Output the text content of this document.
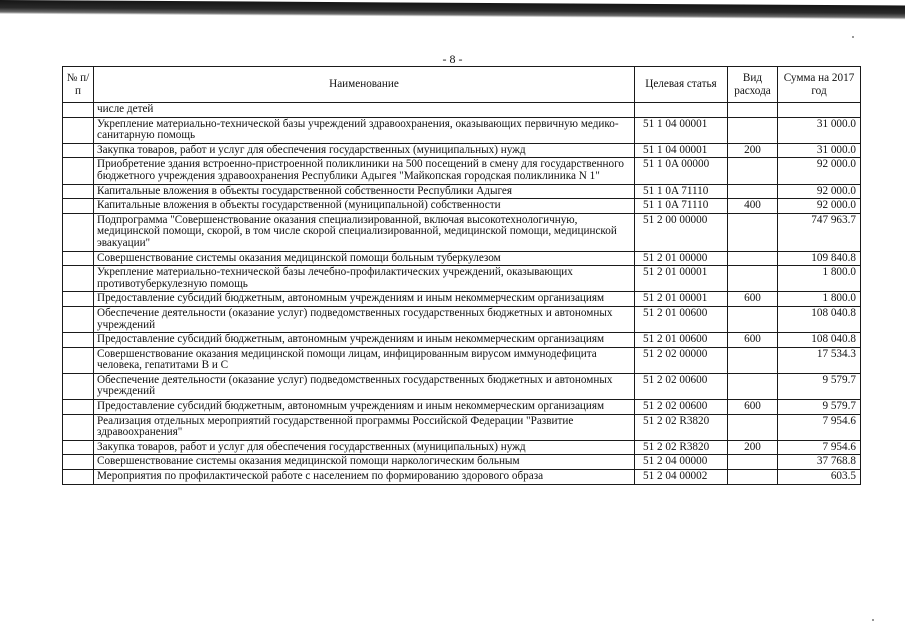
- 8 -
№ п/п	Наименование	Целевая статья	Вид расхода	Сумма на 2017 год
	числе детей			
	Укрепление материально-технической базы учреждений здравоохранения, оказывающих первичную медико-санитарную помощь	51 1 04 00001		31 000.0
	Закупка товаров, работ и услуг для обеспечения государственных (муниципальных) нужд	51 1 04 00001	200	31 000.0
	Приобретение здания встроенно-пристроенной поликлиники на 500 посещений в смену для государственного бюджетного учреждения здравоохранения Республики Адыгея "Майкопская городская поликлиника N 1"	51 1 0A 00000		92 000.0
	Капитальные вложения в объекты государственной собственности Республики Адыгея	51 1 0A 71110		92 000.0
	Капитальные вложения в объекты государственной (муниципальной) собственности	51 1 0A 71110	400	92 000.0
	Подпрограмма "Совершенствование оказания специализированной, включая высокотехнологичную, медицинской помощи, скорой, в том числе скорой специализированной, медицинской помощи, медицинской эвакуации"	51 2 00 00000		747 963.7
	Совершенствование системы оказания медицинской помощи больным туберкулезом	51 2 01 00000		109 840.8
	Укрепление материально-технической базы лечебно-профилактических учреждений, оказывающих противотуберкулезную помощь	51 2 01 00001		1 800.0
	Предоставление субсидий бюджетным, автономным учреждениям и иным некоммерческим организациям	51 2 01 00001	600	1 800.0
	Обеспечение деятельности (оказание услуг) подведомственных государственных бюджетных и автономных учреждений	51 2 01 00600		108 040.8
	Предоставление субсидий бюджетным, автономным учреждениям и иным некоммерческим организациям	51 2 01 00600	600	108 040.8
	Совершенствование оказания медицинской помощи лицам, инфицированным вирусом иммунодефицита человека, гепатитами B и C	51 2 02 00000		17 534.3
	Обеспечение деятельности (оказание услуг) подведомственных государственных бюджетных и автономных учреждений	51 2 02 00600		9 579.7
	Предоставление субсидий бюджетным, автономным учреждениям и иным некоммерческим организациям	51 2 02 00600	600	9 579.7
	Реализация отдельных мероприятий государственной программы Российской Федерации "Развитие здравоохранения"	51 2 02 R3820		7 954.6
	Закупка товаров, работ и услуг для обеспечения государственных (муниципальных) нужд	51 2 02 R3820	200	7 954.6
	Совершенствование системы оказания медицинской помощи наркологическим больным	51 2 04 00000		37 768.8
	Мероприятия по профилактической работе с населением по формированию здорового образа	51 2 04 00002		603.5
